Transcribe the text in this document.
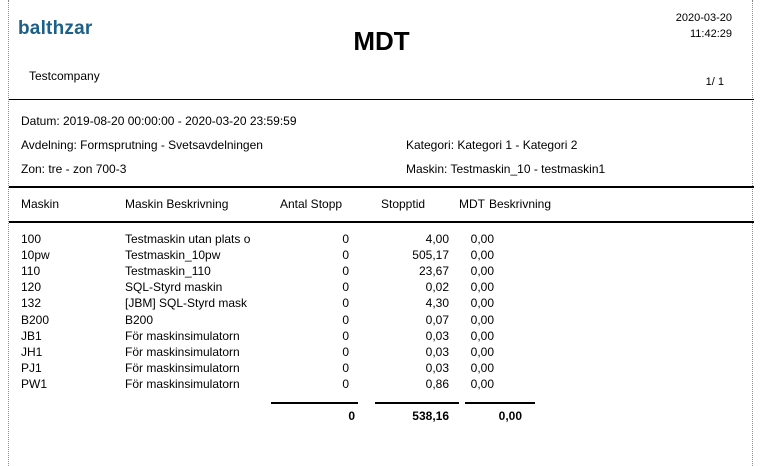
balthzar	MDT
2020-03-20
11:42:29
Testcompany	1/ 1
Datum: 2019-08-20 00:00:00 - 2020-03-20 23:59:59
Avdelning: Formsprutning - Svetsavdelningen	Kategori: Kategori 1 - Kategori 2
Zon: tre - zon 700-3	Maskin: Testmaskin_10 - testmaskin1
Maskin	Maskin Beskrivning	Antal Stopp	Stopptid	MDT Beskrivning
100	Testmaskin utan plats o	0	4,00 0,00
10pw	Testmaskin_10pw	0	505,17 0,00
110	Testmaskin_110	0	23,67 0,00
120	SQL-Styrd maskin	0	0,02 0,00
132	[JBM] SQL-Styrd mask	0	4,30 0,00
B200	B200	0	0,07 0,00
JB1	För maskinsimulatorn	0	0,03 0,00
JH1	För maskinsimulatorn	0	0,03 0,00
PJ1	För maskinsimulatorn	0	0,03 0,00
PW1	För maskinsimulatorn	0	0,86 0,00
0	538,16	0,00
